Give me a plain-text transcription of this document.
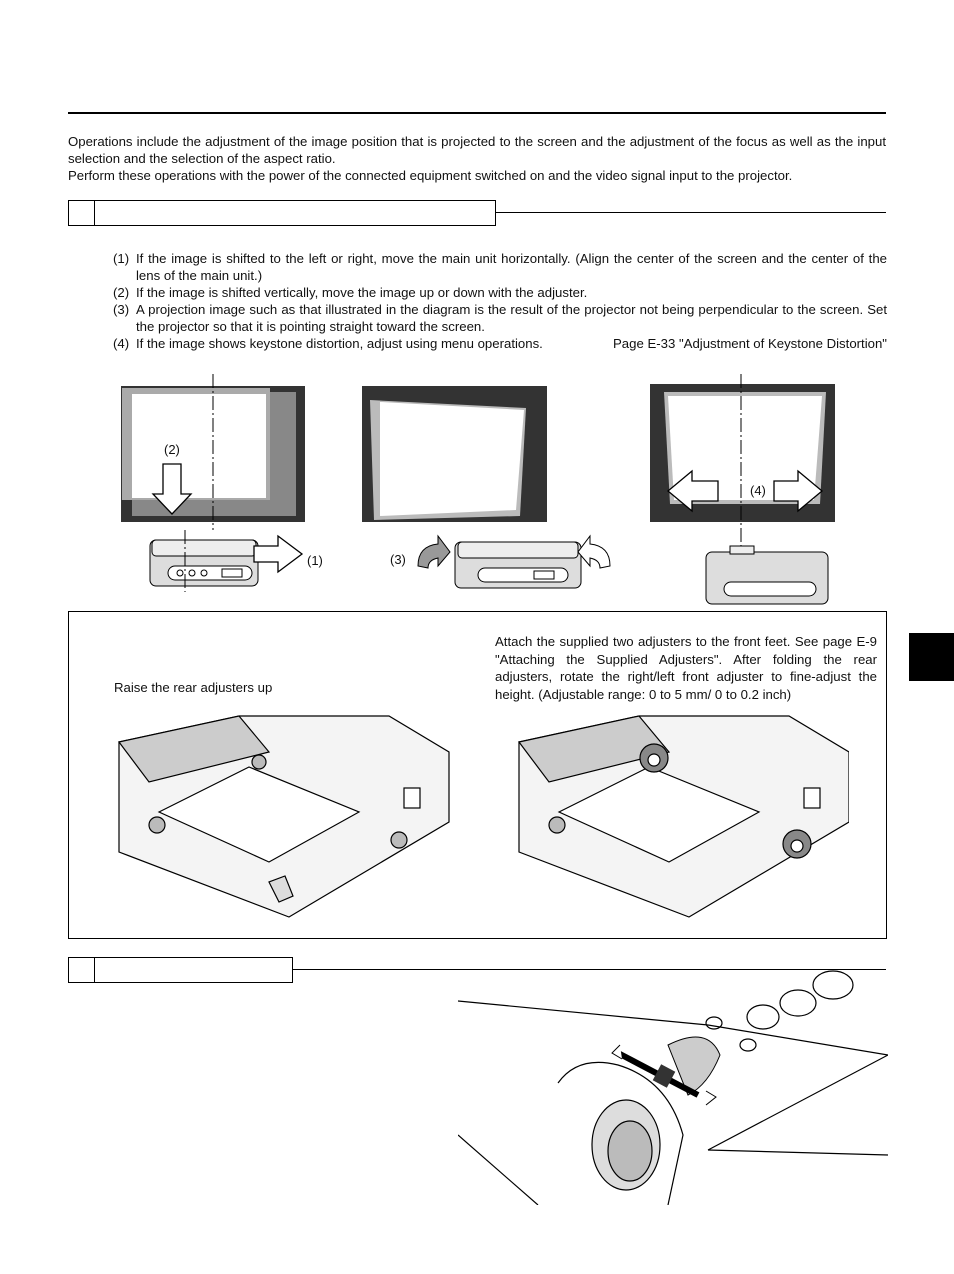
Operations include the adjustment of the image position that is projected to the screen and the adjustment of the focus as well as the input selection and the selection of the aspect ratio.

Perform these operations with the power of the connected equipment switched on and the video signal input to the projector.

(1) If the image is shifted to the left or right, move the main unit horizontally. (Align the center of the screen and the center of the lens of the main unit.)
(2) If the image is shifted vertically, move the image up or down with the adjuster.
(3) A projection image such as that illustrated in the diagram is the result of the projector not being perpendicular to the screen. Set the projector so that it is pointing straight toward the screen.
(4) If the image shows keystone distortion, adjust using menu operations.	Page E-33 "Adjustment of Keystone Distortion"
(2)
(1)	(3)
(4)
Raise the rear adjusters up
Attach the supplied two adjusters to the front feet. See page E-9 "Attaching the Supplied Adjusters". After folding the rear adjusters, rotate the right/left front adjuster to fine-adjust the height. (Adjustable range: 0 to 5 mm/ 0 to 0.2 inch)
